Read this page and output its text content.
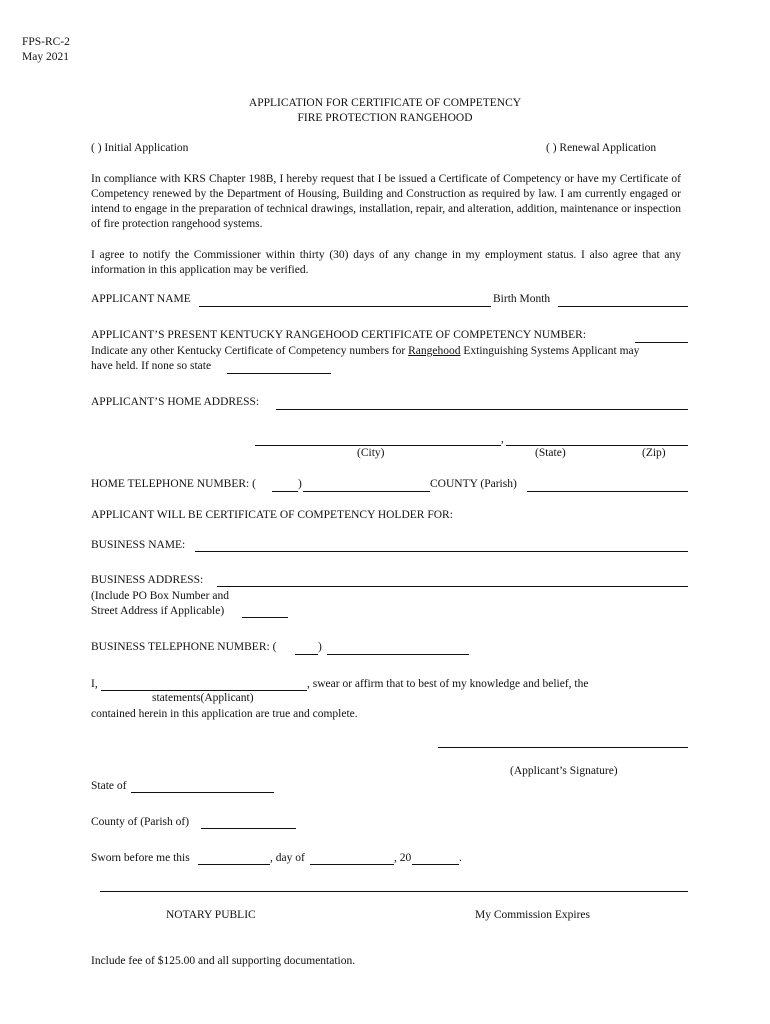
FPS-RC-2
May 2021
APPLICATION FOR CERTIFICATE OF COMPETENCY
FIRE PROTECTION RANGEHOOD
( ) Initial Application	( ) Renewal Application
In compliance with KRS Chapter 198B, I hereby request that I be issued a Certificate of Competency or have my Certificate of Competency renewed by the Department of Housing, Building and Construction as required by law. I am currently engaged or intend to engage in the preparation of technical drawings, installation, repair, and alteration, addition, maintenance or inspection of fire protection rangehood systems.
I agree to notify the Commissioner within thirty (30) days of any change in my employment status. I also agree that any information in this application may be verified.
APPLICANT NAME	Birth Month
APPLICANT’S PRESENT KENTUCKY RANGEHOOD CERTIFICATE OF COMPETENCY NUMBER:
Indicate any other Kentucky Certificate of Competency numbers for Rangehood Extinguishing Systems Applicant may
have held. If none so state
APPLICANT’S HOME ADDRESS:
,
(City)	(State)	(Zip)
HOME TELEPHONE NUMBER: (	)	COUNTY (Parish)
APPLICANT WILL BE CERTIFICATE OF COMPETENCY HOLDER FOR:
BUSINESS NAME:
BUSINESS ADDRESS:
(Include PO Box Number and
Street Address if Applicable)
BUSINESS TELEPHONE NUMBER: (	)
I,	, swear or affirm that to best of my knowledge and belief, the
statements(Applicant)
contained herein in this application are true and complete.
(Applicant’s Signature)
State of
County of (Parish of)
Sworn before me this	, day of	, 20	.
NOTARY PUBLIC	My Commission Expires
Include fee of $125.00 and all supporting documentation.
